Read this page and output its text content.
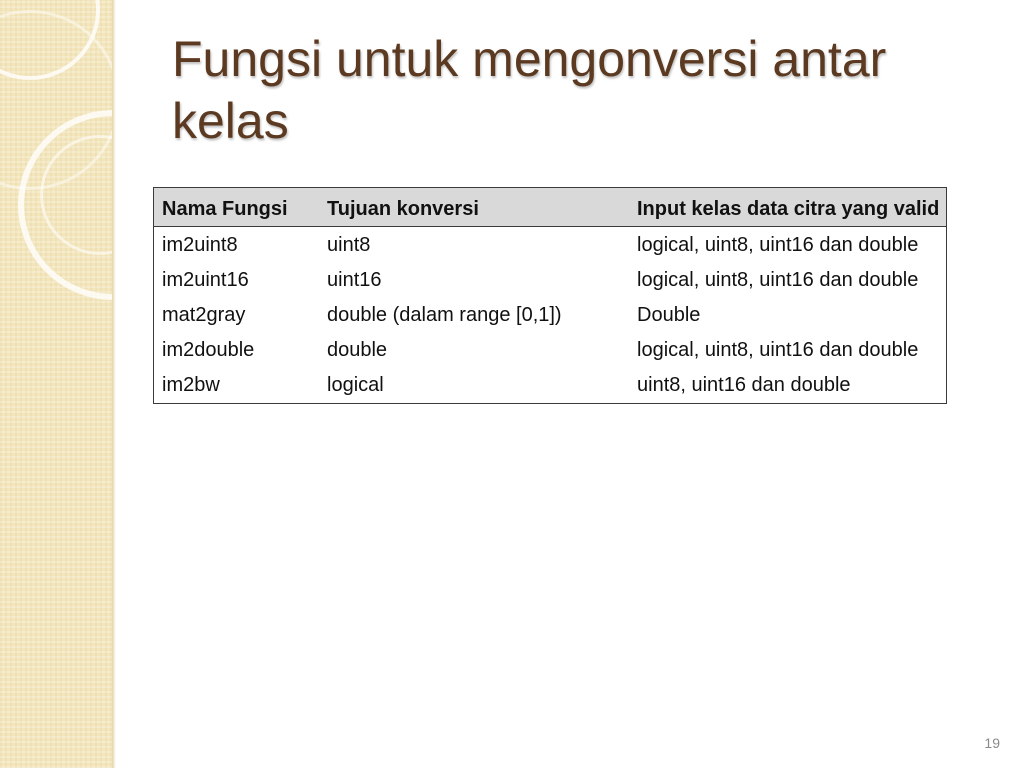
Fungsi untuk mengonversi antar kelas
Nama Fungsi	Tujuan konversi	Input kelas data citra yang valid
im2uint8	uint8	logical, uint8, uint16 dan double
im2uint16	uint16	logical, uint8, uint16 dan double
mat2gray	double (dalam range [0,1])	Double
im2double	double	logical, uint8, uint16 dan double
im2bw	logical	uint8, uint16 dan double
19
